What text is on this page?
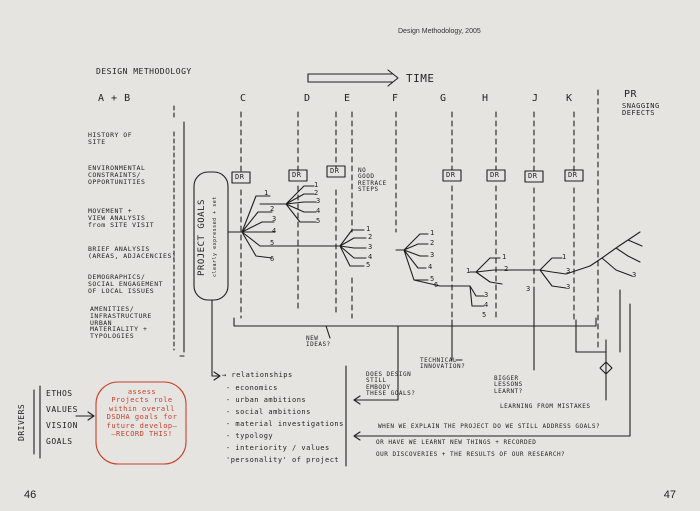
Design Methodology, 2005
46	47
DESIGN METHODOLOGY
TIME
A + B	C	D	E	F	G	H	J	K	PR
SNAGGING
DEFECTS
HISTORY OF
SITE
ENVIRONMENTAL
CONSTRAINTS/
OPPORTUNITIES
MOVEMENT +
VIEW ANALYSIS
from SITE VISIT
BRIEF ANALYSIS
(AREAS, ADJACENCIES)
DEMOGRAPHICS/
SOCIAL ENGAGEMENT
OF LOCAL ISSUES
AMENITIES/
INFRASTRUCTURE
URBAN
MATERIALITY +
TYPOLOGIES
PROJECT GOALS clearly expressed + set
DR	DR	DR	DR	DR	DR	DR
1
2
3
4
5
6
1
2
3
4
5
1
2
3
4
5
1
2
3
4
5
6
1
3
4
5
1
2
3
1
3
3
3
NO
GOOD
RETRACE
STEPS
NEW
IDEAS?
TECHNICAL
INNOVATION?
DOES DESIGN
STILL
EMBODY
THESE GOALS?
BIGGER
LESSONS
LEARNT?
LEARNING FROM MISTAKES
WHEN WE EXPLAIN THE PROJECT DO WE STILL ADDRESS GOALS?
OR HAVE WE LEARNT NEW THINGS + RECORDED
OUR DISCOVERIES + THE RESULTS OF OUR RESEARCH?
DRIVERS
ETHOS
VALUES
VISION
GOALS
assess
Projects role
within overall
DSDHA goals for
future develop—
—RECORD THIS!
→ relationships
- economics
- urban ambitions
- social ambitions
- material investigations
- typology
- interiority / values
'personality' of project
